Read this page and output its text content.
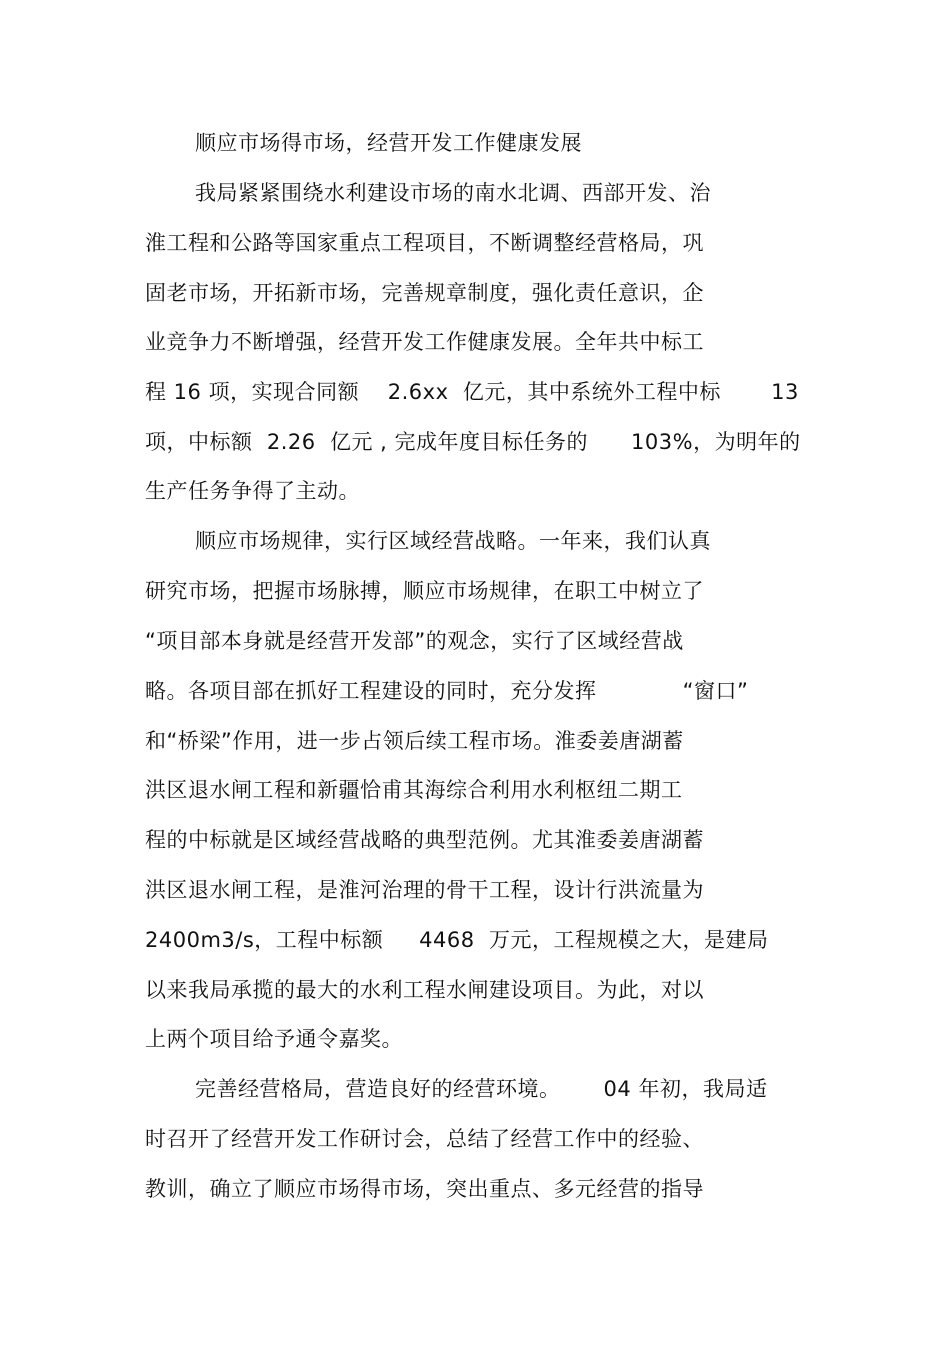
顺应市场得市场，经营开发工作健康发展
我局紧紧围绕水利建设市场的南水北调、西部开发、治
淮工程和公路等国家重点工程项目，不断调整经营格局，巩
固老市场，开拓新市场，完善规章制度，强化责任意识，企
业竞争力不断增强，经营开发工作健康发展。全年共中标工
程 16 项，实现合同额    2.6xx  亿元，其中系统外工程中标       13
项，中标额  2.26  亿元 , 完成年度目标任务的      103%，为明年的
生产任务争得了主动。
顺应市场规律，实行区域经营战略。一年来，我们认真
研究市场，把握市场脉搏，顺应市场规律，在职工中树立了
“项目部本身就是经营开发部”的观念，实行了区域经营战
略。各项目部在抓好工程建设的同时，充分发挥            “窗口”
和“桥梁”作用，进一步占领后续工程市场。淮委姜唐湖蓄
洪区退水闸工程和新疆恰甫其海综合利用水利枢纽二期工
程的中标就是区域经营战略的典型范例。尤其淮委姜唐湖蓄
洪区退水闸工程，是淮河治理的骨干工程，设计行洪流量为
2400m3/s，工程中标额     4468  万元，工程规模之大，是建局
以来我局承揽的最大的水利工程水闸建设项目。为此，对以
上两个项目给予通令嘉奖。
完善经营格局，营造良好的经营环境。      04 年初，我局适
时召开了经营开发工作研讨会，总结了经营工作中的经验、
教训，确立了顺应市场得市场，突出重点、多元经营的指导
